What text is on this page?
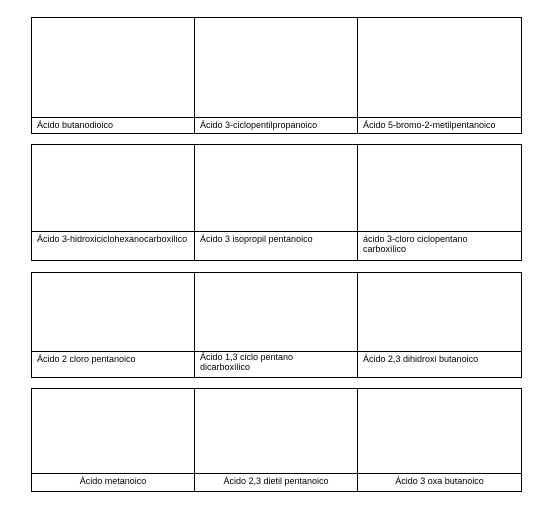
Ácido butanodioico	Ácido 3-ciclopentilpropanoico	Ácido 5-bromo-2-metilpentanoico

Ácido 3-hidroxiciclohexanocarboxílico	Ácido 3 isopropil pentanoico	ácido 3-cloro ciclopentano carboxílico

Ácido 2 cloro pentanoico	Ácido 1,3 ciclo pentano dicarboxílico	Ácido 2,3 dihidroxi butanoico

Ácido metanoico	Ácido 2,3 dietil pentanoico	Ácido 3 oxa butanoico
